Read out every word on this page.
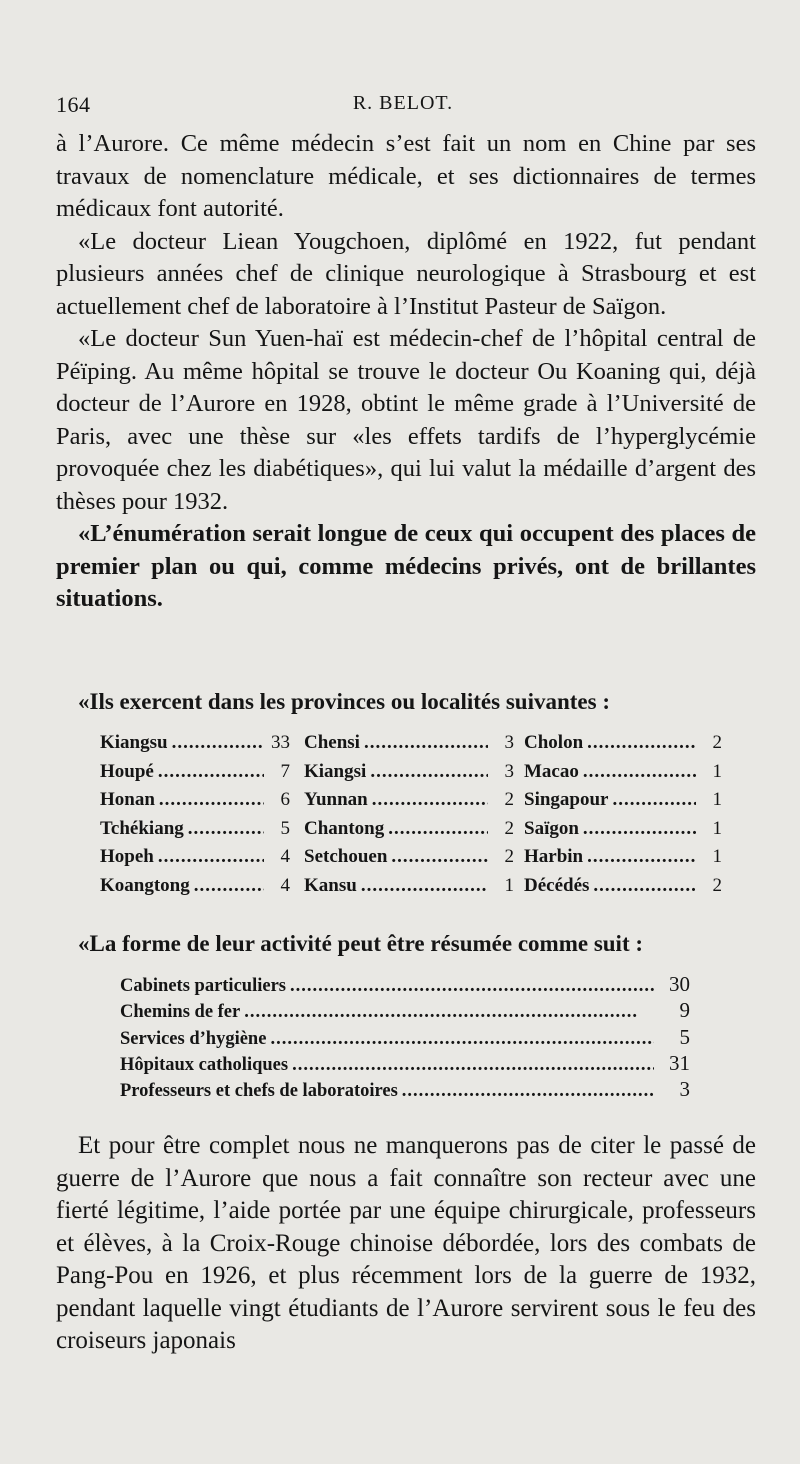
164	R. BELOT.

à l’Aurore. Ce même médecin s’est fait un nom en Chine par ses travaux de nomenclature médicale, et ses dictionnaires de termes médicaux font autorité.

«Le docteur Liean Yougchoen, diplômé en 1922, fut pendant plusieurs années chef de clinique neurologique à Strasbourg et est actuellement chef de laboratoire à l’Institut Pasteur de Saïgon.

«Le docteur Sun Yuen-haï est médecin-chef de l’hôpital central de Péïping. Au même hôpital se trouve le docteur Ou Koaning qui, déjà docteur de l’Aurore en 1928, obtint le même grade à l’Université de Paris, avec une thèse sur «les effets tardifs de l’hyperglycémie provoquée chez les diabétiques», qui lui valut la médaille d’argent des thèses pour 1932.

«L’énumération serait longue de ceux qui occupent des places de premier plan ou qui, comme médecins privés, ont de brillantes situations.

«Ils exercent dans les provinces ou localités suivantes :

Kiangsu .....	33 Chensi .....	3 Cholon .....	2
Houpé .....	7 Kiangsi .....	3 Macao .....	1
Honan .....	6 Yunnan .....	2 Singapour .....	1
Tchékiang .....	5 Chantong .....	2 Saïgon .....	1
Hopeh .....	4 Setchouen .....	2 Harbin .....	1
Koangtong .....	4 Kansu .....	1 Décédés .....	2

«La forme de leur activité peut être résumée comme suit :

Cabinets particuliers .....	30
Chemins de fer .....	9
Services d’hygiène .....	5
Hôpitaux catholiques .....	31
Professeurs et chefs de laboratoires .....	3

Et pour être complet nous ne manquerons pas de citer le passé de guerre de l’Aurore que nous a fait connaître son recteur avec une fierté légitime, l’aide portée par une équipe chirurgicale, professeurs et élèves, à la Croix-Rouge chinoise débordée, lors des combats de Pang-Pou en 1926, et plus récemment lors de la guerre de 1932, pendant laquelle vingt étudiants de l’Aurore servirent sous le feu des croiseurs japonais
